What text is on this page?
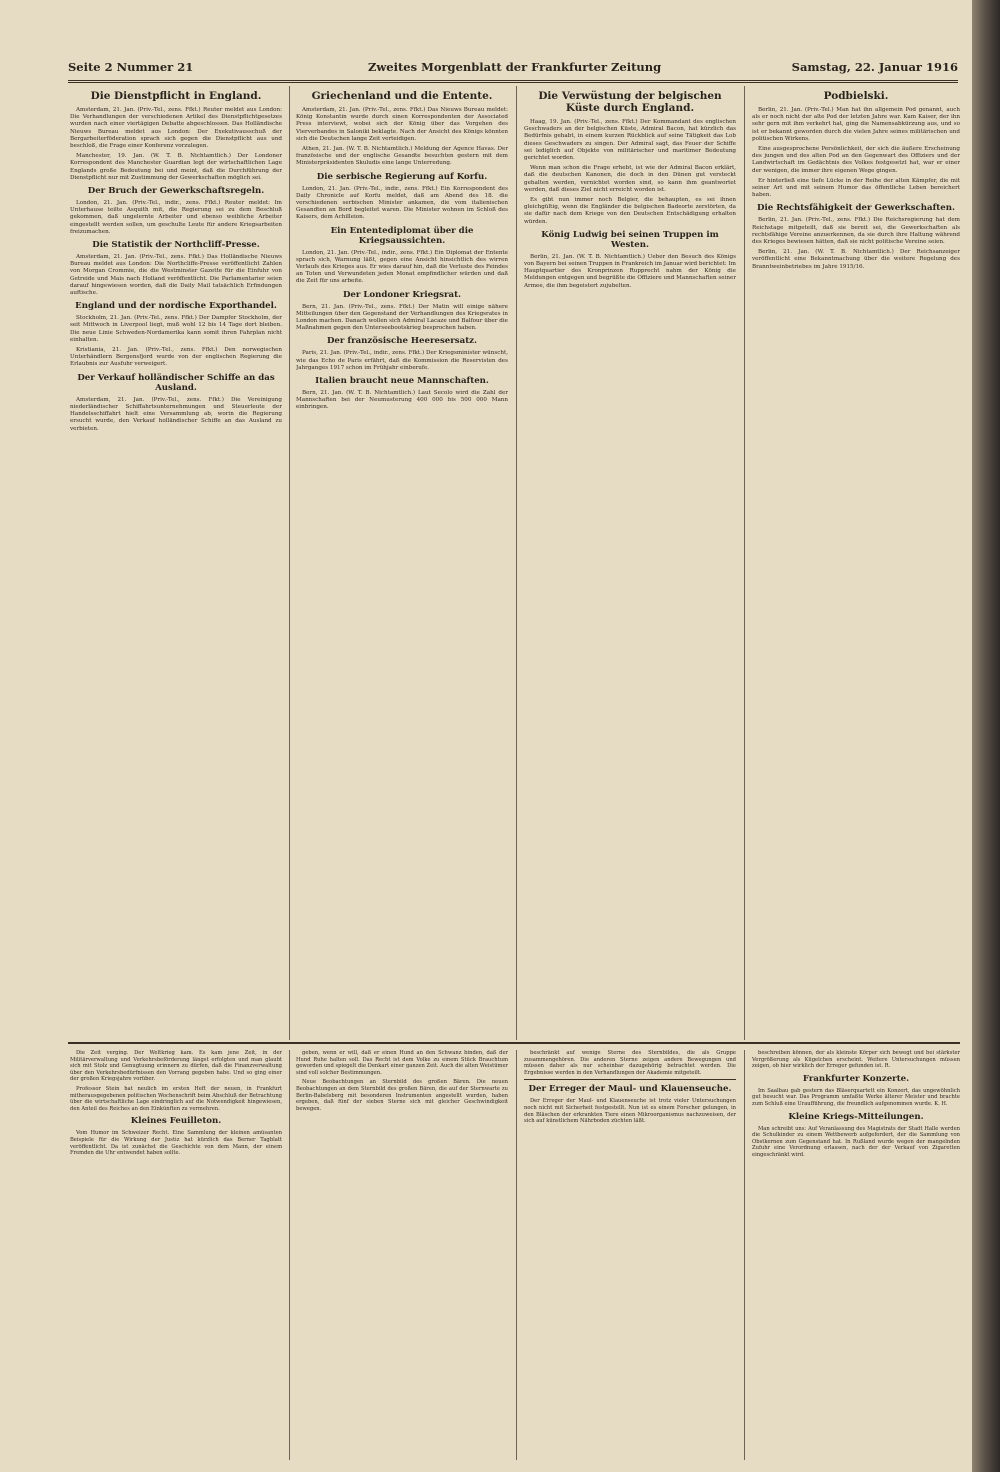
Seite 2 Nummer 21	Zweites Morgenblatt der Frankfurter Zeitung	Samstag, 22. Januar 1916
Die Dienstpflicht in England.

Amsterdam, 21. Jan. (Priv.-Tel., zens. Ffkt.) Reuter meldet aus London: Die Verhandlungen der verschiedenen Artikel des Dienstpflichtgesetzes wurden nach einer viertägigen Debatte abgeschlossen. Das Holländische Nieuws Bureau meldet aus London: Der Exekutivausschuß der Bergarbeiterföderation sprach sich gegen die Dienstpflicht aus und beschloß, die Frage einer Konferenz vorzulegen.

Manchester, 19. Jan. (W. T. B. Nichtamtlich.) Der Londoner Korrespondent des Manchester Guardian legt der wirtschaftlichen Lage Englands große Bedeutung bei und meint, daß die Durchführung der Dienstpflicht nur mit Zustimmung der Gewerkschaften möglich sei.

Der Bruch der Gewerkschaftsregeln.

London, 21. Jan. (Priv.-Tel., indir., zens. Ffkt.) Reuter meldet: Im Unterhause teilte Asquith mit, die Regierung sei zu dem Beschluß gekommen, daß ungelernte Arbeiter und ebenso weibliche Arbeiter eingestellt werden sollen, um geschulte Leute für andere Kriegsarbeiten freizumachen.

Die Statistik der Northcliff-Presse.

Amsterdam, 21. Jan. (Priv.-Tel., zens. Ffkt.) Das Holländische Nieuws Bureau meldet aus London: Die Northcliffe-Presse veröffentlicht Zahlen von Morgan Crommie, die die Westminster Gazette für die Einfuhr von Getreide und Mais nach Holland veröffentlicht. Die Parlamentarier seien darauf hingewiesen worden, daß die Daily Mail tatsächlich Erfindungen auftische.

England und der nordische Exporthandel.

Stockholm, 21. Jan. (Priv.-Tel., zens. Ffkt.) Der Dampfer Stockholm, der seit Mittwoch in Liverpool liegt, muß wohl 12 bis 14 Tage dort bleiben. Die neue Linie Schweden-Nordamerika kann somit ihren Fahrplan nicht einhalten.

Kristiania, 21. Jan. (Priv.-Tel., zens. Ffkt.) Den norwegischen Unterhändlern Bergensfjord wurde von der englischen Regierung die Erlaubnis zur Ausfuhr verweigert.

Der Verkauf holländischer Schiffe an das Ausland.

Amsterdam, 21. Jan. (Priv.-Tel., zens. Ffkt.) Die Vereinigung niederländischer Schiffahrtsunternehmungen und Steuerleute der Handelsschiffahrt hielt eine Versammlung ab, worin die Regierung ersucht wurde, den Verkauf holländischer Schiffe an das Ausland zu verbieten.

Griechenland und die Entente.

Amsterdam, 21. Jan. (Priv.-Tel., zens. Ffkt.) Das Nieuws Bureau meldet: König Konstantin wurde durch einen Korrespondenten der Associated Press interviewt, wobei sich der König über das Vorgehen des Vierverbandes in Saloniki beklagte. Nach der Ansicht des Königs könnten sich die Deutschen lange Zeit verteidigen.

Athen, 21. Jan. (W. T. B. Nichtamtlich.) Meldung der Agence Havas. Der französische und der englische Gesandte besuchten gestern mit dem Ministerpräsidenten Skuludis eine lange Unterredung.

Die serbische Regierung auf Korfu.

London, 21. Jan. (Priv.-Tel., indir., zens. Ffkt.) Ein Korrespondent des Daily Chronicle auf Korfu meldet, daß am Abend des 18. die verschiedenen serbischen Minister ankamen, die vom italienischen Gesandten an Bord begleitet waren. Die Minister wohnen im Schloß des Kaisers, dem Achilleion.

Ein Ententediplomat über die Kriegsaussichten.

London, 21. Jan. (Priv.-Tel., indir., zens. Ffkt.) Ein Diplomat der Entente sprach sich, Warnung läßt, gegen eine Ansicht hinsichtlich des wirren Verlaufs des Krieges aus. Er wies darauf hin, daß die Verluste des Feindes an Toten und Verwundeten jeden Monat empfindlicher würden und daß die Zeit für uns arbeite.

Der Londoner Kriegsrat.

Bern, 21. Jan. (Priv.-Tel., zens. Ffkt.) Der Matin will einige nähere Mitteilungen über den Gegenstand der Verhandlungen des Kriegsrates in London machen. Danach wollen sich Admiral Lacaze und Balfour über die Maßnahmen gegen den Unterseebootskrieg besprochen haben.

Der französische Heeresersatz.

Paris, 21. Jan. (Priv.-Tel., indir., zens. Ffkt.) Der Kriegsminister wünscht, wie das Echo de Paris erfährt, daß die Kommission die Reservisten des Jahrganges 1917 schon im Frühjahr einberufe.

Italien braucht neue Mannschaften.

Bern, 21. Jan. (W. T. B. Nichtamtlich.) Laut Secolo wird die Zahl der Mannschaften bei der Neumusterung 400 000 bis 500 000 Mann einbringen.

Die Verwüstung der belgischen Küste durch England.

Haag, 19. Jan. (Priv.-Tel., zens. Ffkt.) Der Kommandant des englischen Geschwaders an der belgischen Küste, Admiral Bacon, hat kürzlich das Bedürfnis gehabt, in einem kurzen Rückblick auf seine Tätigkeit das Lob dieses Geschwaders zu singen. Der Admiral sagt, das Feuer der Schiffe sei lediglich auf Objekte von militärischer und maritimer Bedeutung gerichtet worden.

Wenn man schon die Frage erhebt, ist wie der Admiral Bacon erklärt, daß die deutschen Kanonen, die doch in den Dünen gut versteckt gehalten werden, vernichtet worden sind, so kann ihm geantwortet werden, daß dieses Ziel nicht erreicht worden ist.

Es gibt nun immer noch Belgier, die behaupten, es sei ihnen gleichgültig, wenn die Engländer die belgischen Badeorte zerstörten, da sie dafür nach dem Kriege von den Deutschen Entschädigung erhalten würden.

König Ludwig bei seinen Truppen im Westen.

Berlin, 21. Jan. (W. T. B. Nichtamtlich.) Ueber den Besuch des Königs von Bayern bei seinen Truppen in Frankreich im Januar wird berichtet: Im Hauptquartier des Kronprinzen Rupprecht nahm der König die Meldungen entgegen und begrüßte die Offiziere und Mannschaften seiner Armee, die ihm begeistert zujubelten.

Podbielski.

Berlin, 21. Jan. (Priv.-Tel.) Man hat ihn allgemein Pod genannt, auch als er noch nicht der alte Pod der letzten Jahre war. Kam Kaiser, der ihn sehr gern mit ihm verkehrt hat, ging die Namensabkürzung aus, und so ist er bekannt geworden durch die vielen Jahre seines militärischen und politischen Wirkens.

Eine ausgesprochene Persönlichkeit, der sich die äußere Erscheinung des jungen und des alten Pod an den Gegenwart des Offiziers und der Landwirtschaft im Gedächtnis des Volkes festgesetzt hat, war er einer der wenigen, die immer ihre eigenen Wege gingen.

Er hinterließ eine tiefe Lücke in der Reihe der alten Kämpfer, die mit seiner Art und mit seinem Humor das öffentliche Leben bereichert haben.

Die Rechtsfähigkeit der Gewerkschaften.

Berlin, 21. Jan. (Priv.-Tel., zens. Ffkt.) Die Reichsregierung hat dem Reichstage mitgeteilt, daß sie bereit sei, die Gewerkschaften als rechtsfähige Vereine anzuerkennen, da sie durch ihre Haltung während des Krieges bewiesen hätten, daß sie nicht politische Vereine seien.

Berlin, 21. Jan. (W. T. B. Nichtamtlich.) Der Reichsanzeiger veröffentlicht eine Bekanntmachung über die weitere Regelung des Branntweinbetriebes im Jahre 1915/16.

Die Zeit verging. Der Weltkrieg kam. Es kam jene Zeit, in der Militärverwaltung und Verkehrsbeförderung längst erfolgten und man glaubt sich mit Stolz und Genugtuung erinnern zu dürfen, daß die Finanzverwaltung über den Verkehrsbedürfnissen den Vorrang gegeben habe. Und so ging einer der großen Kriegsjahre vorüber.

Professor Stein hat neulich im ersten Heft der neuen, in Frankfurt mitherausgegebenen politischen Wochenschrift beim Abschluß der Betrachtung über die wirtschaftliche Lage eindringlich auf die Notwendigkeit hingewiesen, den Anteil des Reiches an den Einkünften zu vermehren.

Kleines Feuilleton.

Vom Humor im Schweizer Recht. Eine Sammlung der kleinen amüsanten Beispiele für die Wirkung der Justiz hat kürzlich das Berner Tagblatt veröffentlicht. Da ist zunächst die Geschichte von dem Mann, der einem Fremden die Uhr entwendet haben sollte.

geben, wenn er will, daß er einen Hund an den Schwanz binden, daß der Hund Ruhe halten soll. Das Recht ist dem Volke zu einem Stück Brauchtum geworden und spiegelt die Denkart einer ganzen Zeit. Auch die alten Weistümer sind voll solcher Bestimmungen.

Neue Beobachtungen an Sternbild des großen Bären. Die neuen Beobachtungen an dem Sternbild des großen Bären, die auf der Sternwarte zu Berlin-Babelsberg mit besonderen Instrumenten angestellt wurden, haben ergeben, daß fünf der sieben Sterne sich mit gleicher Geschwindigkeit bewegen.

beschränkt auf wenige Sterne des Sternbildes, die als Gruppe zusammengehören. Die anderen Sterne zeigen andere Bewegungen und müssen daher als nur scheinbar dazugehörig betrachtet werden. Die Ergebnisse werden in den Verhandlungen der Akademie mitgeteilt.

Der Erreger der Maul- und Klauenseuche.

Der Erreger der Maul- und Klauenseuche ist trotz vieler Untersuchungen noch nicht mit Sicherheit festgestellt. Nun ist es einem Forscher gelungen, in den Bläschen der erkrankten Tiere einen Mikroorganismus nachzuweisen, der sich auf künstlichem Nährboden züchten läßt.

beschreiben können, der als kleinste Körper sich bewegt und bei stärkster Vergrößerung als Kügelchen erscheint. Weitere Untersuchungen müssen zeigen, ob hier wirklich der Erreger gefunden ist. R.

Frankfurter Konzerte.

Im Saalbau gab gestern das Bläserquartett ein Konzert, das ungewöhnlich gut besucht war. Das Programm umfaßte Werke älterer Meister und brachte zum Schluß eine Uraufführung, die freundlich aufgenommen wurde. K. H.

Kleine Kriegs-Mitteilungen.

Man schreibt uns: Auf Veranlassung des Magistrats der Stadt Halle werden die Schulkinder zu einem Wettbewerb aufgefordert, der die Sammlung von Obstkernen zum Gegenstand hat. In Rußland wurde wegen der mangelnden Zufuhr eine Verordnung erlassen, nach der der Verkauf von Zigaretten eingeschränkt wird.
